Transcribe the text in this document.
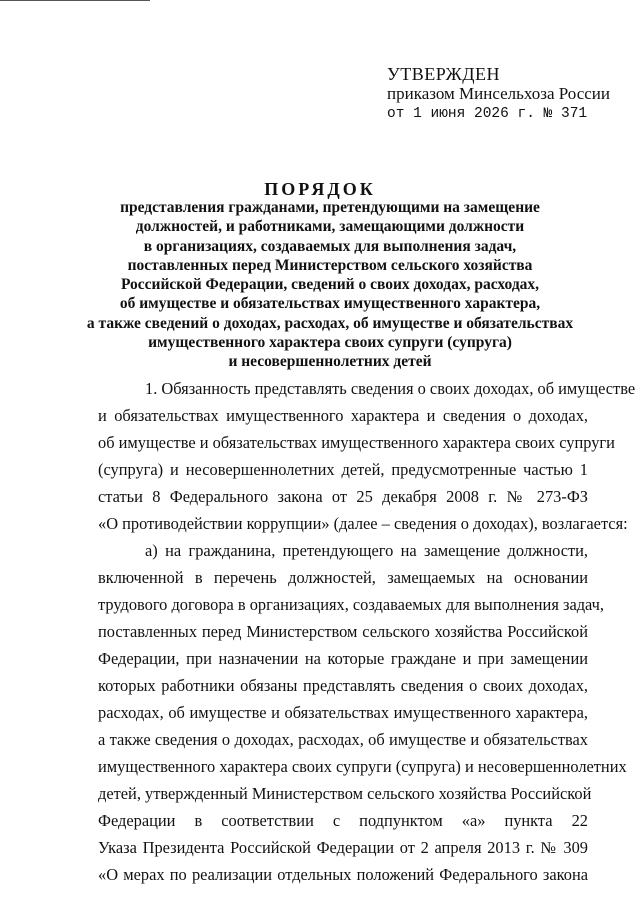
УТВЕРЖДЕН
приказом Минсельхоза России
от 1 июня 2026 г. № 371
ПОРЯДОК
представления гражданами, претендующими на замещение
должностей, и работниками, замещающими должности
в организациях, создаваемых для выполнения задач,
поставленных перед Министерством сельского хозяйства
Российской Федерации, сведений о своих доходах, расходах,
об имуществе и обязательствах имущественного характера,
а также сведений о доходах, расходах, об имуществе и обязательствах
имущественного характера своих супруги (супруга)
и несовершеннолетних детей
1. Обязанность представлять сведения о своих доходах, об имуществе
и обязательствах имущественного характера и сведения о доходах,
об имуществе и обязательствах имущественного характера своих супруги
(супруга) и несовершеннолетних детей, предусмотренные частью 1
статьи 8 Федерального закона от 25 декабря 2008 г. № 273-ФЗ
«О противодействии коррупции» (далее – сведения о доходах), возлагается:
а) на гражданина, претендующего на замещение должности,
включенной в перечень должностей, замещаемых на основании
трудового договора в организациях, создаваемых для выполнения задач,
поставленных перед Министерством сельского хозяйства Российской
Федерации, при назначении на которые граждане и при замещении
которых работники обязаны представлять сведения о своих доходах,
расходах, об имуществе и обязательствах имущественного характера,
а также сведения о доходах, расходах, об имуществе и обязательствах
имущественного характера своих супруги (супруга) и несовершеннолетних
детей, утвержденный Министерством сельского хозяйства Российской
Федерации в соответствии с подпунктом «а» пункта 22
Указа Президента Российской Федерации от 2 апреля 2013 г. № 309
«О мерах по реализации отдельных положений Федерального закона
